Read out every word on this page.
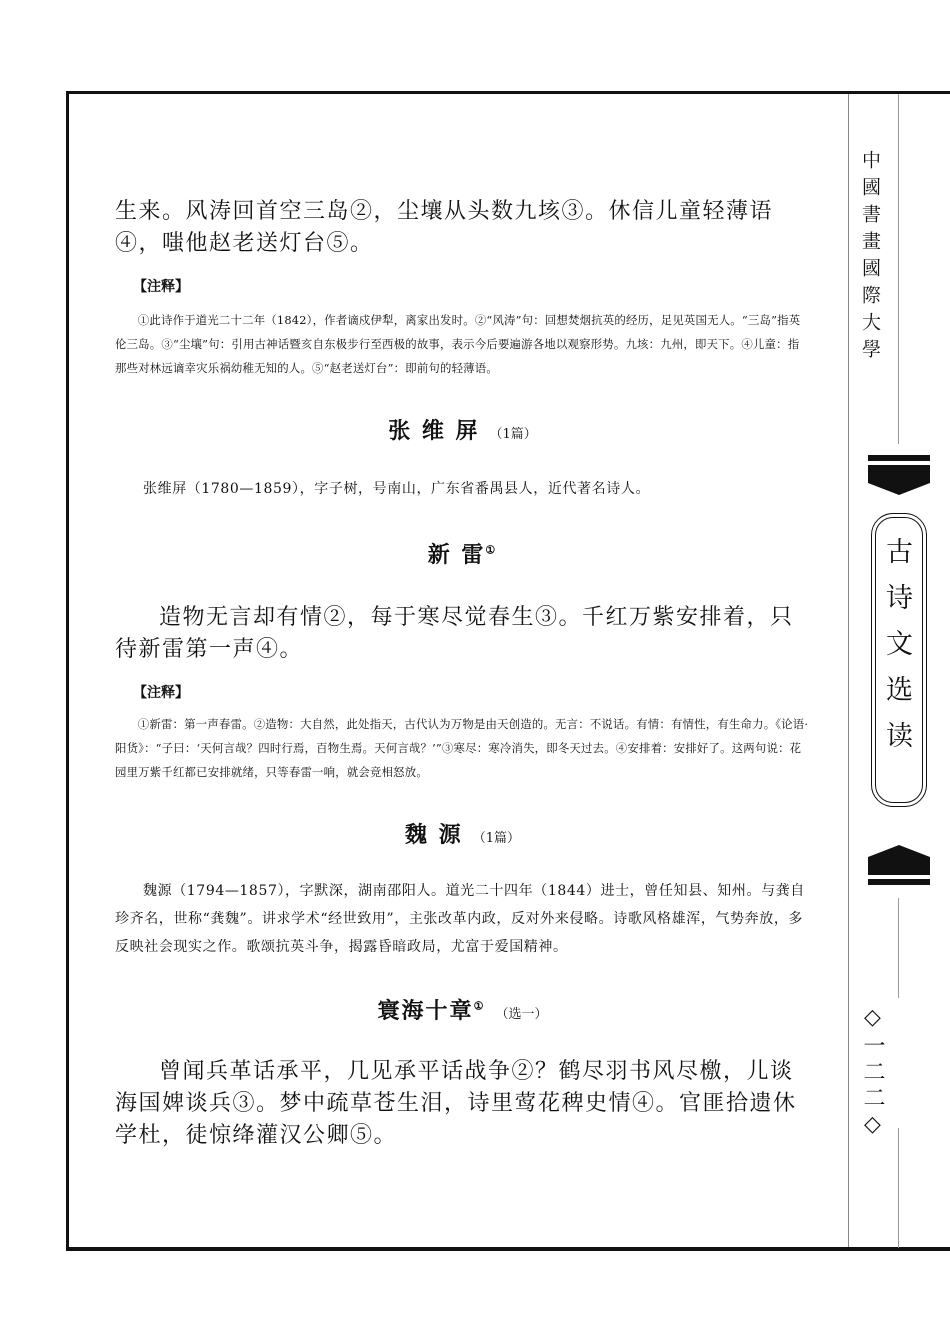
生来。风涛回首空三岛②，尘壤从头数九垓③。休信儿童轻薄语④，嗤他赵老送灯台⑤。

【注释】

①此诗作于道光二十二年（1842），作者谪戍伊犁，离家出发时。②“风涛”句：回想焚烟抗英的经历，足见英国无人。“三岛”指英伦三岛。③“尘壤”句：引用古神话暨亥自东极步行至西极的故事，表示今后要遍游各地以观察形势。九垓：九州，即天下。④儿童：指那些对林远谪幸灾乐祸幼稚无知的人。⑤“赵老送灯台”：即前句的轻薄语。

张 维 屏 （1篇）

张维屏（1780—1859），字子树，号南山，广东省番禺县人，近代著名诗人。

新 雷①

造物无言却有情②，每于寒尽觉春生③。千红万紫安排着，只待新雷第一声④。

【注释】

①新雷：第一声春雷。②造物：大自然，此处指天，古代认为万物是由天创造的。无言：不说话。有情：有情性，有生命力。《论语·阳货》：“子曰：‘天何言哉？四时行焉，百物生焉。天何言哉？’”③寒尽：寒冷消失，即冬天过去。④安排着：安排好了。这两句说：花园里万紫千红都已安排就绪，只等春雷一响，就会竞相怒放。

魏 源 （1篇）

魏源（1794—1857），字默深，湖南邵阳人。道光二十四年（1844）进士，曾任知县、知州。与龚自珍齐名，世称“龚魏”。讲求学术“经世致用”，主张改革内政，反对外来侵略。诗歌风格雄浑，气势奔放，多反映社会现实之作。歌颂抗英斗争，揭露昏暗政局，尤富于爱国精神。

寰海十章①（选一）

曾闻兵革话承平，几见承平话战争②？鹤尽羽书风尽檄，儿谈海国婢谈兵③。梦中疏草苍生泪，诗里莺花稗史情④。官匪拾遗休学杜，徒惊绛灌汉公卿⑤。

中國書畫國際大學
古诗文选读
◇一二二◇
